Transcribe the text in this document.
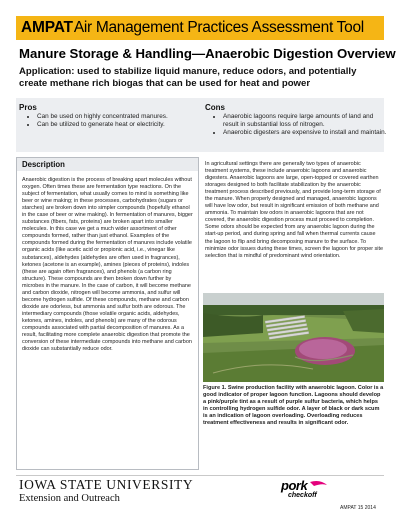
AMPAT Air Management Practices Assessment Tool
Manure Storage & Handling—Anaerobic Digestion Overview
Application: used to stabilize liquid manure, reduce odors, and potentially create methane rich biogas that can be used for heat and power
Pros
• Can be used on highly concentrated manures.
• Can be utilized to generate heat or electricity.
Cons
• Anaerobic lagoons require large amounts of land and result in substantial loss of nitrogen.
• Anaerobic digesters are expensive to install and maintain.
Description

Anaerobic digestion is the process of breaking apart molecules without oxygen. Often times these are fermentation type reactions. On the subject of fermentation, what usually comes to mind is something like beer or wine making; in these processes, carbohydrates (sugars or starches) are broken down into simpler compounds (hopefully ethanol in the case of beer or wine making). In fermentation of manures, bigger substances (fibers, fats, proteins) are broken apart into smaller molecules. In this case we get a much wider assortment of other compounds formed, rather than just ethanol. Examples of the compounds formed during the fermentation of manures include volatile organic acids (like acetic acid or propionic acid, i.e., vinegar like substances), aldehydes (aldehydes are often used in fragrances), ketones (acetone is an example), amines (pieces of proteins), indoles (these are again often fragrances), and phenols (a carbon ring structure). These compounds are then broken down further by microbes in the manure. In the case of carbon, it will become methane and carbon dioxide, nitrogen will become ammonia, and sulfur will become hydrogen sulfide. Of these compounds, methane and carbon dioxide are odorless, but ammonia and sulfur both are odorous. The intermediary compounds (those volatile organic acids, aldehydes, ketones, amines, indoles, and phenols) are many of the odorous compounds associated with partial decomposition of manures. As a result, facilitating more complete anaerobic digestion that promote the conversion of these intermediate compounds into methane and carbon dioxide can substantially reduce odor.

In agricultural settings there are generally two types of anaerobic treatment systems, these include anaerobic lagoons and anaerobic digesters. Anaerobic lagoons are large, open-topped or covered earthen storages designed to both facilitate stabilization by the anaerobic treatment process described previously, and provide long-term storage of the manure. When properly designed and managed, anaerobic lagoons will have low odor, but result in significant emission of both methane and ammonia. To maintain low odors in anaerobic lagoons that are not covered, the anaerobic digestion process must proceed to completion. Some odors should be expected from any anaerobic lagoon during the start-up period, and during spring and fall when thermal currents cause the lagoon to flip and bring decomposing manure to the surface. To minimize odor issues during these times, screen the lagoon for proper site selection that is mindful of predominant wind orientation.

Figure 1. Swine production facility with anaerobic lagoon. Color is a good indicator of proper lagoon function. Lagoons should develop a pink/purple tint as a result of purple sulfur bacteria, which helps in controlling hydrogen sulfide odor. A layer of black or dark scum is an indication of lagoon overloading. Overloading reduces treatment effectiveness and results in significant odor.

IOWA STATE UNIVERSITY
Extension and Outreach
pork
checkoff
AMPAT 15 2014
